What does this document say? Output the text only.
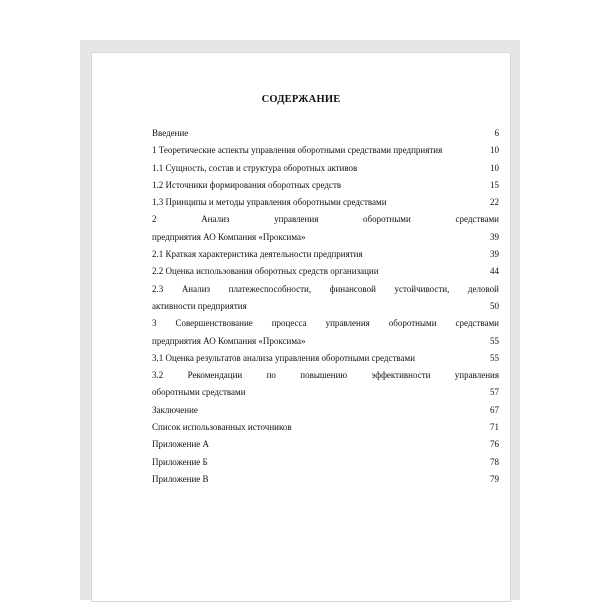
СОДЕРЖАНИЕ
Введение	6
1 Теоретические аспекты управления оборотными средствами предприятия	10
1.1 Сущность, состав и структура оборотных активов	10
1.2 Источники формирования оборотных средств	15
1.3 Принципы и методы управления оборотными средствами	22
2 Анализ управления оборотными средствами
предприятия АО Компания «Проксима»	39
2.1 Краткая характеристика деятельности предприятия	39
2.2 Оценка использования оборотных средств организации	44
2.3 Анализ платежеспособности, финансовой устойчивости, деловой
активности предприятия	50
3 Совершенствование процесса управления оборотными средствами
предприятия АО Компания «Проксима»	55
3.1 Оценка результатов анализа управления оборотными средствами	55
3.2 Рекомендации по повышению эффективности управления
оборотными средствами	57
Заключение	67
Список использованных источников	71
Приложение А	76
Приложение Б	78
Приложение В	79
